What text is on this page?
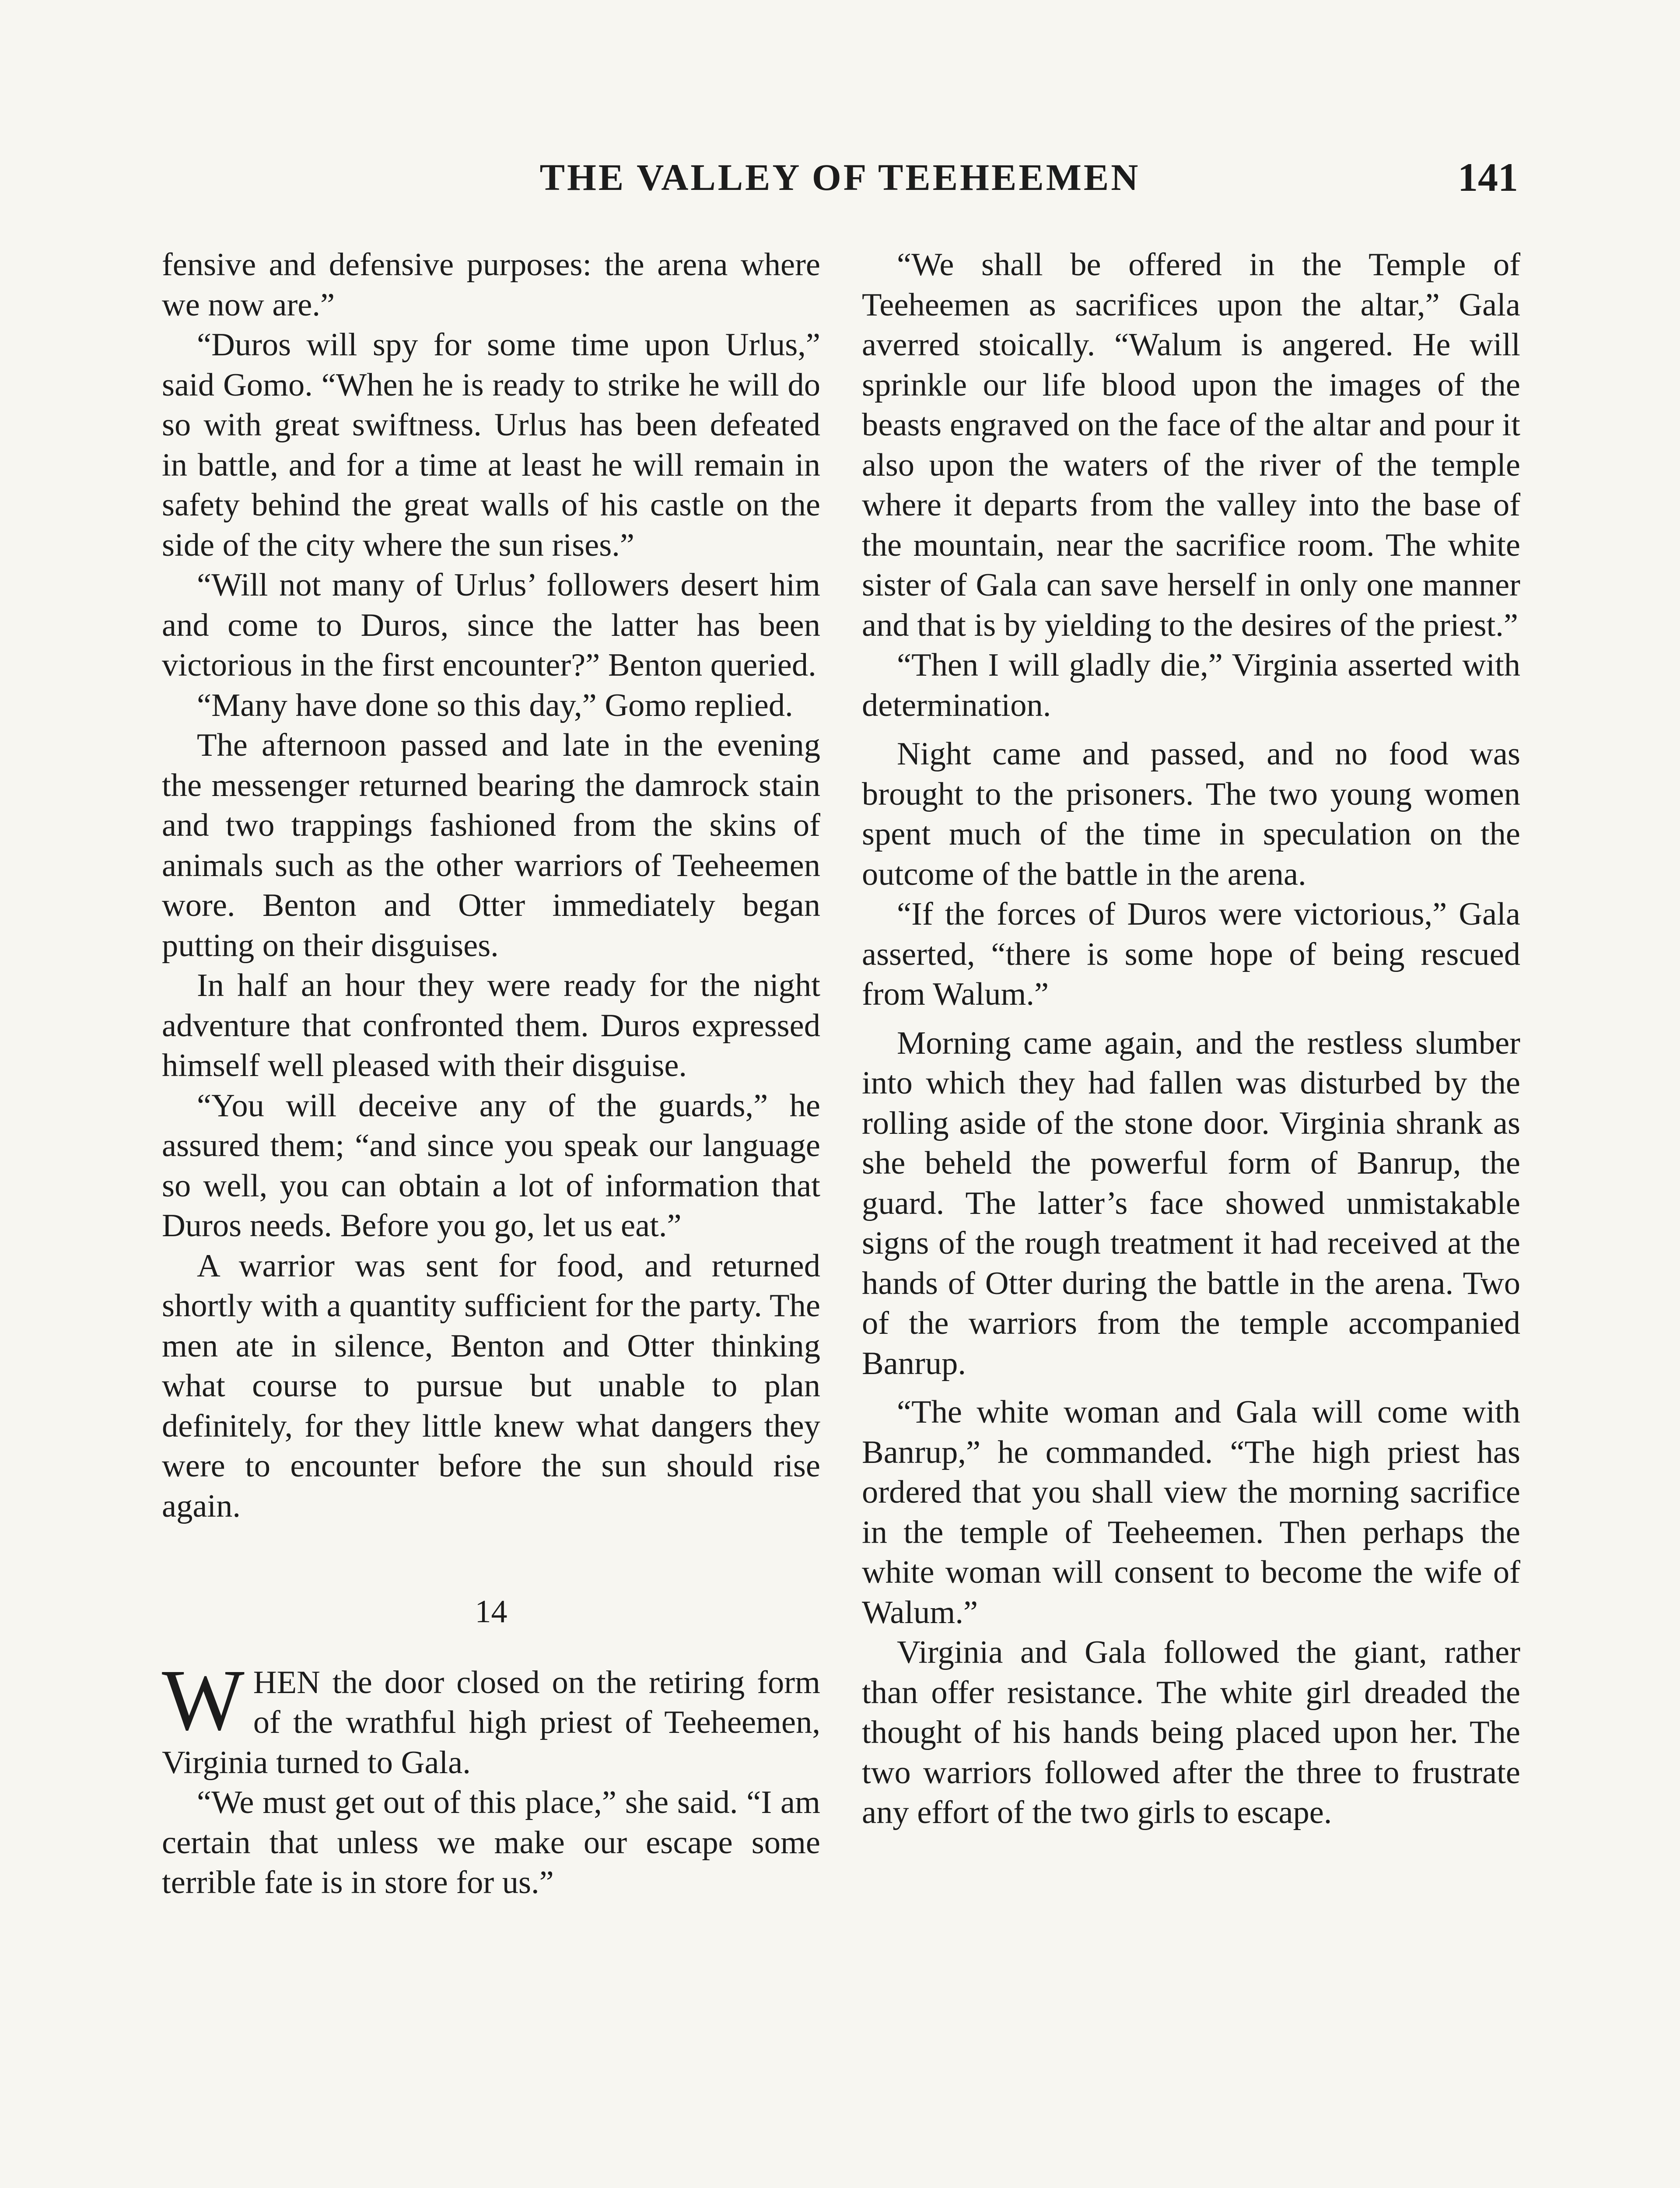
THE VALLEY OF TEEHEEMEN	141

fensive and defensive purposes: the arena where we now are.”

“Duros will spy for some time upon Urlus,” said Gomo. “When he is ready to strike he will do so with great swiftness. Urlus has been defeated in battle, and for a time at least he will remain in safety behind the great walls of his castle on the side of the city where the sun rises.”

“Will not many of Urlus’ followers desert him and come to Duros, since the latter has been victorious in the first encounter?” Benton queried.

“Many have done so this day,” Gomo replied.

The afternoon passed and late in the evening the messenger returned bearing the damrock stain and two trappings fashioned from the skins of animals such as the other warriors of Teeheemen wore. Benton and Otter immediately began putting on their disguises.

In half an hour they were ready for the night adventure that confronted them. Duros expressed himself well pleased with their disguise.

“You will deceive any of the guards,” he assured them; “and since you speak our language so well, you can obtain a lot of information that Duros needs. Before you go, let us eat.”

A warrior was sent for food, and returned shortly with a quantity sufficient for the party. The men ate in silence, Benton and Otter thinking what course to pursue but unable to plan definitely, for they little knew what dangers they were to encounter before the sun should rise again.

14

WHEN the door closed on the retiring form of the wrathful high priest of Teeheemen, Virginia turned to Gala.

“We must get out of this place,” she said. “I am certain that unless we make our escape some terrible fate is in store for us.”

“We shall be offered in the Temple of Teeheemen as sacrifices upon the altar,” Gala averred stoically. “Walum is angered. He will sprinkle our life blood upon the images of the beasts engraved on the face of the altar and pour it also upon the waters of the river of the temple where it departs from the valley into the base of the mountain, near the sacrifice room. The white sister of Gala can save herself in only one manner and that is by yielding to the desires of the priest.”

“Then I will gladly die,” Virginia asserted with determination.

Night came and passed, and no food was brought to the prisoners. The two young women spent much of the time in speculation on the outcome of the battle in the arena.

“If the forces of Duros were victorious,” Gala asserted, “there is some hope of being rescued from Walum.”

Morning came again, and the restless slumber into which they had fallen was disturbed by the rolling aside of the stone door. Virginia shrank as she beheld the powerful form of Banrup, the guard. The latter’s face showed unmistakable signs of the rough treatment it had received at the hands of Otter during the battle in the arena. Two of the warriors from the temple accompanied Banrup.

“The white woman and Gala will come with Banrup,” he commanded. “The high priest has ordered that you shall view the morning sacrifice in the temple of Teeheemen. Then perhaps the white woman will consent to become the wife of Walum.”

Virginia and Gala followed the giant, rather than offer resistance. The white girl dreaded the thought of his hands being placed upon her. The two warriors followed after the three to frustrate any effort of the two girls to escape.
